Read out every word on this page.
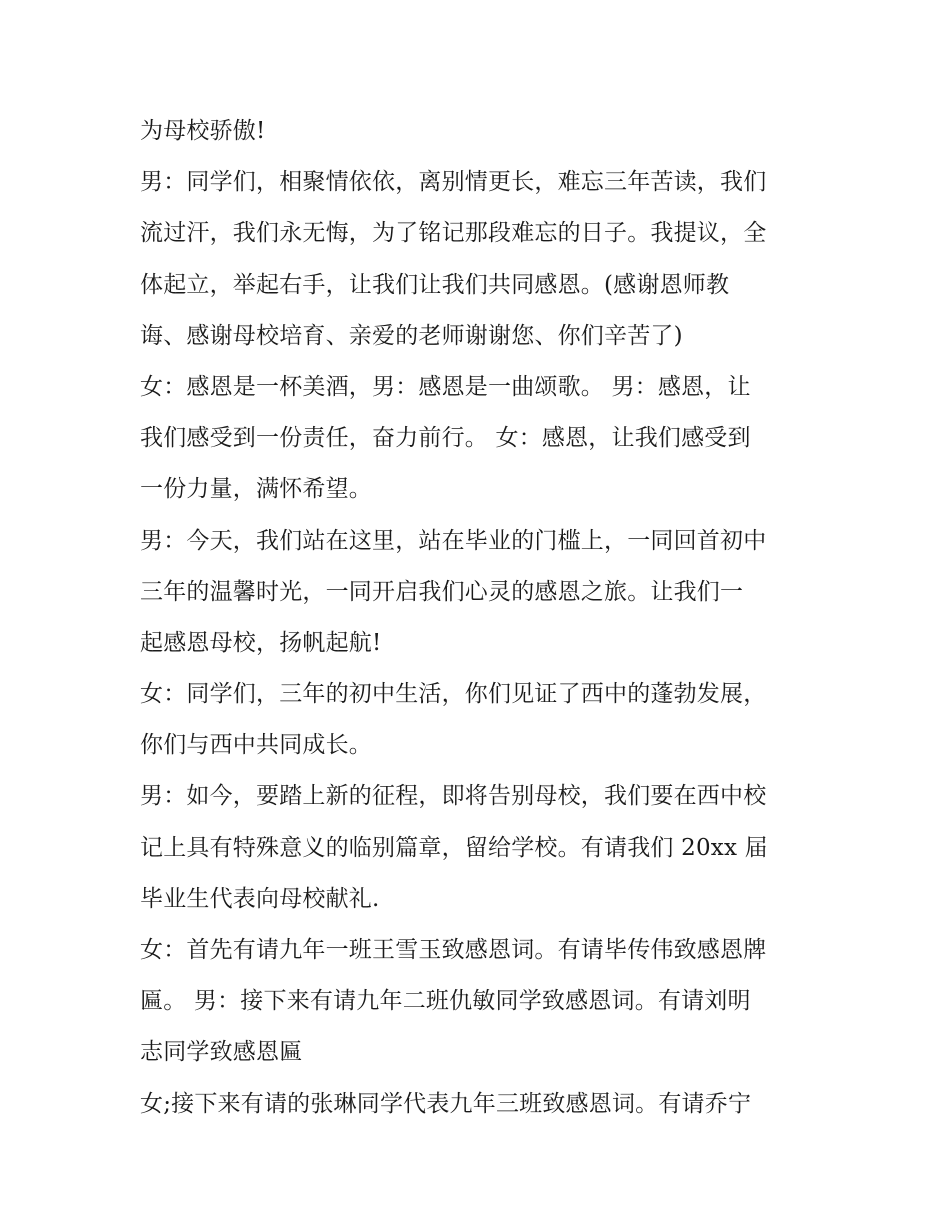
为母校骄傲!
男：同学们，相聚情依依，离别情更长，难忘三年苦读，我们
流过汗，我们永无悔，为了铭记那段难忘的日子。我提议，全
体起立，举起右手，让我们让我们共同感恩。(感谢恩师教
诲、感谢母校培育、亲爱的老师谢谢您、你们辛苦了)
女：感恩是一杯美酒，男：感恩是一曲颂歌。 男：感恩，让
我们感受到一份责任，奋力前行。 女：感恩，让我们感受到
一份力量，满怀希望。
男：今天，我们站在这里，站在毕业的门槛上，一同回首初中
三年的温馨时光，一同开启我们心灵的感恩之旅。让我们一
起感恩母校，扬帆起航!
女：同学们，三年的初中生活，你们见证了西中的蓬勃发展，
你们与西中共同成长。
男：如今，要踏上新的征程，即将告别母校，我们要在西中校
记上具有特殊意义的临别篇章，留给学校。有请我们 20xx 届
毕业生代表向母校献礼.
女：首先有请九年一班王雪玉致感恩词。有请毕传伟致感恩牌
匾。 男：接下来有请九年二班仇敏同学致感恩词。有请刘明
志同学致感恩匾
女;接下来有请的张琳同学代表九年三班致感恩词。有请乔宁
